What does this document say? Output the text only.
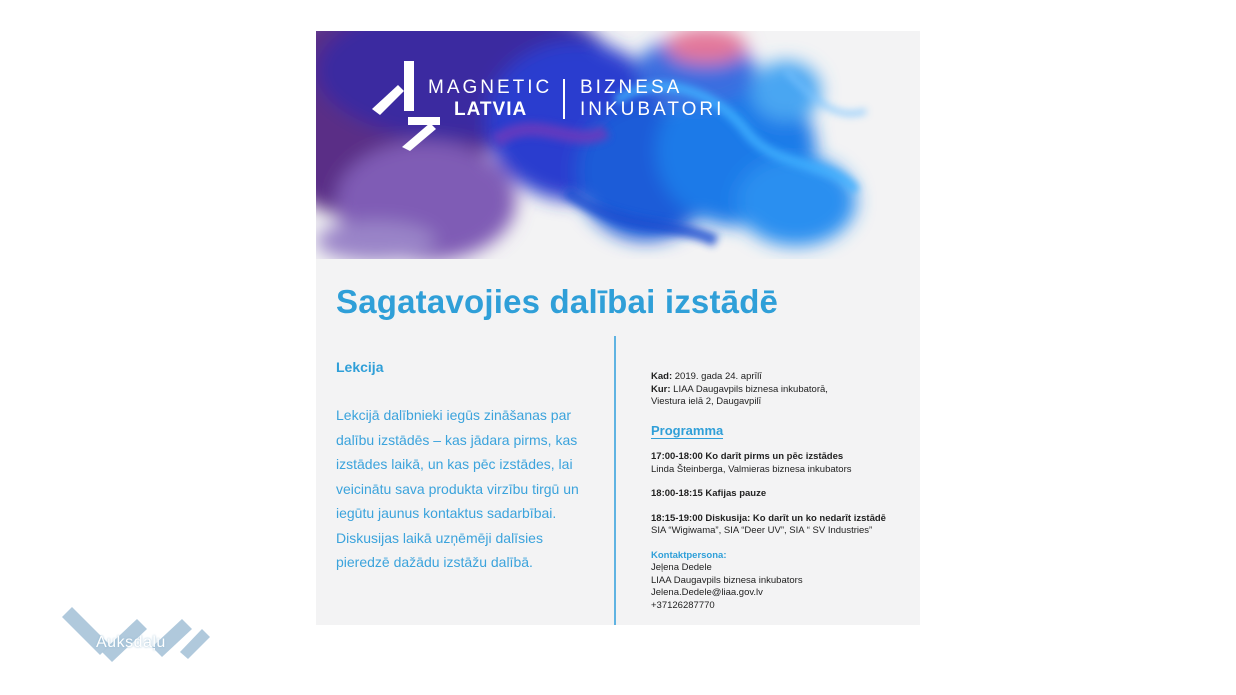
MAGNETIC
LATVIA
BIZNESA
INKUBATORI
Sagatavojies dalībai izstādē

Lekcija

Lekcijā dalībnieki iegūs zināšanas par dalību izstādēs – kas jādara pirms, kas izstādes laikā, un kas pēc izstādes, lai veicinātu sava produkta virzību tirgū un iegūtu jaunus kontaktus sadarbībai. Diskusijas laikā uzņēmēji dalīsies pieredzē dažādu izstāžu dalībā.
Kad: 2019. gada 24. aprīlī
Kur: LIAA Daugavpils biznesa inkubatorā,
Viestura ielā 2, Daugavpilī
Programma
17:00-18:00 Ko darīt pirms un pēc izstādes
Linda Šteinberga, Valmieras biznesa inkubators
18:00-18:15 Kafijas pauze
18:15-19:00 Diskusija: Ko darīt un ko nedarīt izstādē
SIA “Wigiwama”, SIA “Deer UV”, SIA “ SV Industries”
Kontaktpersona:
Jeļena Dedele
LIAA Daugavpils biznesa inkubators
Jelena.Dedele@liaa.gov.lv
+37126287770
Auksdaļu
